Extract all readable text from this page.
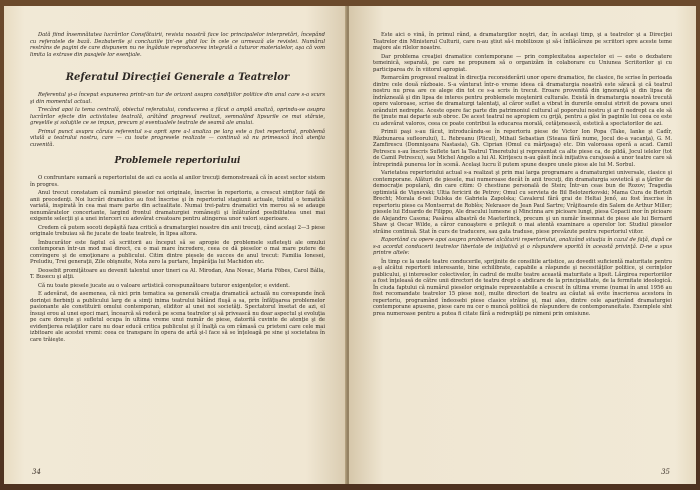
Dată fiind însemnătatea lucrărilor Consfătuirii, revista noastră face loc principalelor interpretări, începând cu referatele de bază. Dezbaterile şi concluziile ţin'-ne ghid loc în cele ce urmează ale revistei. Numărul restrâns de pagini de care dispunem nu ne îngăduie reproducerea integrală a tuturor materialelor, aşa că vom limita la extrase din pasajele lor esenţiale.

Referatul Direcţiei Generale a Teatrelor

Referentul şi-a început expunerea printr-un tur de orizont asupra condiţiilor politice din anul care s-a scurs şi din momentul actual.

Trecând apoi la tema centrală, obiectul referatului, conducerea a făcut o amplă analiză, oprindu-se asupra lucrărilor efecte din activitatea teatrală, arătând progresul realizat, semnalând lipsurile ce mai stăruie, greşelile şi soluţiile ce se impun, precum şi eventualele teatrale de seamă ale anului.

Primul punct asupra căruia referentul s-a oprit spre a-l analiza pe larg este a fost repertoriul, problemă vitală a teatrului nostru, care — cu toate progresele realizate — continuă să nu primească încă atenţia cuvenită.

Problemele repertoriului

O confruntare sumară a repertoriului de azi cu acela al anilor trecuţi demonstrează că în acest sector sistem în progres.

Anul trecut constatam că numărul pieselor noi originale, înscrise în repertoriu, a crescut simţitor faţă de anii precedenţi. Noi lucrări dramatice au fost înscrise şi în repertoriul stagiunii actuale, trăitul o tematică variată, inspirată în cea mai mare parte din actualitate. Numai trei-patru dramatici vin merou să se adauge nenumăratelor concertante, largind frontul dramaturgiei româneşti şi înlăturând posibilitatea unei mai exigente selecţii şi a unei interceri cu adevărat creatoare pentru atingerea unor valori superioare.

Credem că putem socoti depăşită faza critică a dramaturgiei noastre din anii trecuţi, când acelaşi 2—3 piese originale trebuiau să fie jucate de toate teatrele, în lipsa altora.

Îmbucurător este faptul că scriitorii au început să se apropie de problemele sufleteşti ale omului contemporan într-un mod mai direct, cu o mai mare încredere, ceea ce dă pieselor o mai mare putere de convingere şi de emoţionare a publicului. Citim dintre piesele de succes de anul trecut: Familia Ionesei, Preludiu, Trei generaţii, Zile obişnuite, Nota zero la purtare, Împărăţia lui Machidon etc.

Deosebit promiţătoare au devenit talentul unor tineri ca Al. Mirodan, Ana Novac, Maria Föbes, Carol Bálla, T. Busecu şi alţii.

Că nu toate piesele jucate au o valoare artistică corespunzătoare tuturor exigenţelor, e evident.

E adevărat, de asemenea, că nici prin tematica sa generală creaţia dramatică actuală nu corespunde încă dorinţei fierbinţi a publicului larg de a simţi inima teatrului bătând fluşă a sa, prin înfăţişarea problemelor pasionante ale constituirii omului contemporan, eliditor al unei noi societăţi. Spectatorul însetat de azi, el însuşi erou al unei epoci mari, încearcă să redecă pe scena teatrelor şi să privească nu doar aspectul şi evoluţia pe care doreşte şi sufletul ocupa în ultima vreme unui număr de piese, datorită cuvinte de atenţie şi de evidenţierea relaţiilor care nu doar educă critica publicului şi îl înalţă ca om rămasă cu prieteni care cele mai izbitoare ale acestei vremi: ceea ce transpare în opera de artă şi-l face să se înţeleagă pe sine şi societatea în care trăieşte.

34

Este aici o vină, în primul rând, a dramaturgilor noştri, dar, în acelaşi timp, şi a teatrelor şi a Direcţiei Teatrelor din Ministerul Culturii, care n-au ştiut să-i mobilizeze şi să-i înflăcăreze pe scriitori spre aceste teme majore ale rilelor noastre.

Dar problema creaţiei dramatice contemporane — prin complexitatea aspectelor ei — este o dezbatere temeinică, separată, pe care ne propunem să o organizăm în colaborare cu Uniunea Scriitorilor şi cu participarea dv. în viitorul apropiat.

Remarcăm progresul realizat în direcţia reconsiderării unor opere dramatice, fie clasice, fie scrise în perioada dintre cele două războaie. S-a vânturat într-o vreme ideea că dramaturgia noastră este săracă şi că teatrul nostru nu prea are ce alege din tot ce s-a scris în trecut. Eroare provenită din ignoranţă şi din lipsa de îndrăzneală şi din lipsa de interes pentru problemele moştenirii culturale. Există în dramaturgia noastră trecută opere valoroase, scrise de dramaturgi talentaţi, al căror suflet a vibrat în durerile omului strivit de povara unei orânduiri nedrepte. Aceste opere fac parte din patrimoniul cultural al poporului nostru şi ar fi nedrept ca ele să fie ţinute mai departe sub obroc. De acest teatrul ne apropiem cu grijă, pentru a găsi în paginile lui ceea ce este cu adevărat valoros, ceea ce poate contribui la educarea morală, cetăţenească, estetică a spectatorilor de azi.

Primii paşi s-au făcut, introducându-se în repertoriu piese de Victor Ion Popa (Take, Ianke şi Cadîr, Răzbunarea sufleorului), L. Rebreanu (Plicul), Mihail Sebastian (Steaua fără nume, Jocul de-a vacanţa), G. M. Zamfirescu (Domnişoara Nastasia), Gh. Ciprian (Omul cu mârţoaga) etc. Din valoroasa operă a acad. Camil Petrescu s-au înscris Suflete tari la Teatrul Tineretului şi reprezentat ca alte piese ca, de pildă, Jocul ielelor (tot de Camil Petrescu), sau Michel Angelo a lui Al. Kiriţescu n-au găsit încă iniţiativa curajoasă a unor teatre care să întreprindă punerea lor în scenă. Acelaşi lucru îl putem spune despre unele piese ale lui M. Sorbul.

Varietatea repertoriului actual s-a realizat şi prin mai larga programare a dramaturgiei universale, clasice şi contemporane. Alături de piesele, mai numeroase decât în anii trecuţi, din dramaturgia sovietică şi a ţărilor de democraţie populară, din care citim: O chestiune personală de Stein; Într-un ceas bun de Rozov; Tragedia optimistă de Vişnevski; Ultia fericirii de Petrov; Omul cu servieta de Bil Belotzerkovski; Mama Cura de Bertolt Brecht; Morala d-nei Dulska de Gabriela Zapolska; Cavalerul fără grai de Heltai Jenő, au fost înscrise în repertoriu piese ca Montserrat de Roblès; Nekrasov de Jean Paul Sartre; Vrăjitoarele din Salem de Arthur Miller; piesele lui Eduardo de Filippo, Ale dracului lumesne şi Mincinna are picioare lungi, piesa Copacii mor în picioare de Alejandro Casona; Pasărea albastră de Maeterlinck, precum şi un număr însemnat de piese ale lui Bernard Shaw şi Oscar Wilde, a căror cunoaştere e prilejuit o mai atentă examinare a operelor lor. Studiul pieselor străine continuă. Stat în curs de traducere, sau gata traduse, piese prevăzute pentru repertoriul viitor.

Raportând cu opere apoi asupra problemei alcătuirii repertoriului, analizând situaţia în cazul de faţă, după ce s-a acordat conducerii teatrelor libertate de iniţiativă şi o răspundere sporită în această privinţă. D-ne a spus printre altele:

În timp ce la unele teatre conducerile, sprijinite de consiliile artistice, au dovedit suficientă maturitate pentru a-şi alcătui repertorii interesante, bine echilibrate, capabile a răspunde şi necesităţilor politice, şi cerinţelor publicului, şi intereselor colectivelor, în cadrul de multe teatre această maturitate a lipsit. Lărgirea repertoriilor a fost înţeleasă de către unii directori de teatru drept o abdicare de la principialitate, de la fermitate ideologică. În ciuda faptului că numărul pieselor originale reprezentabile a crescut în ultima vreme (numai în anul 1956 au fost recomandate teatrelor 15 piese noi), multe directori de teatru au căutat să evite înscrierea acestora în repertoriu, programând îndeosebi piese clasice străine şi, mai ales, dintre cele aparţinând dramaturgiei contemporane apusene, piese care nu cer o muncă politică de răspundere de contemporaneitate. Exemplele sînt prea numeroase pentru a putea fi citate fără a redreptăţi pe nimeni prin omisiune.

35
